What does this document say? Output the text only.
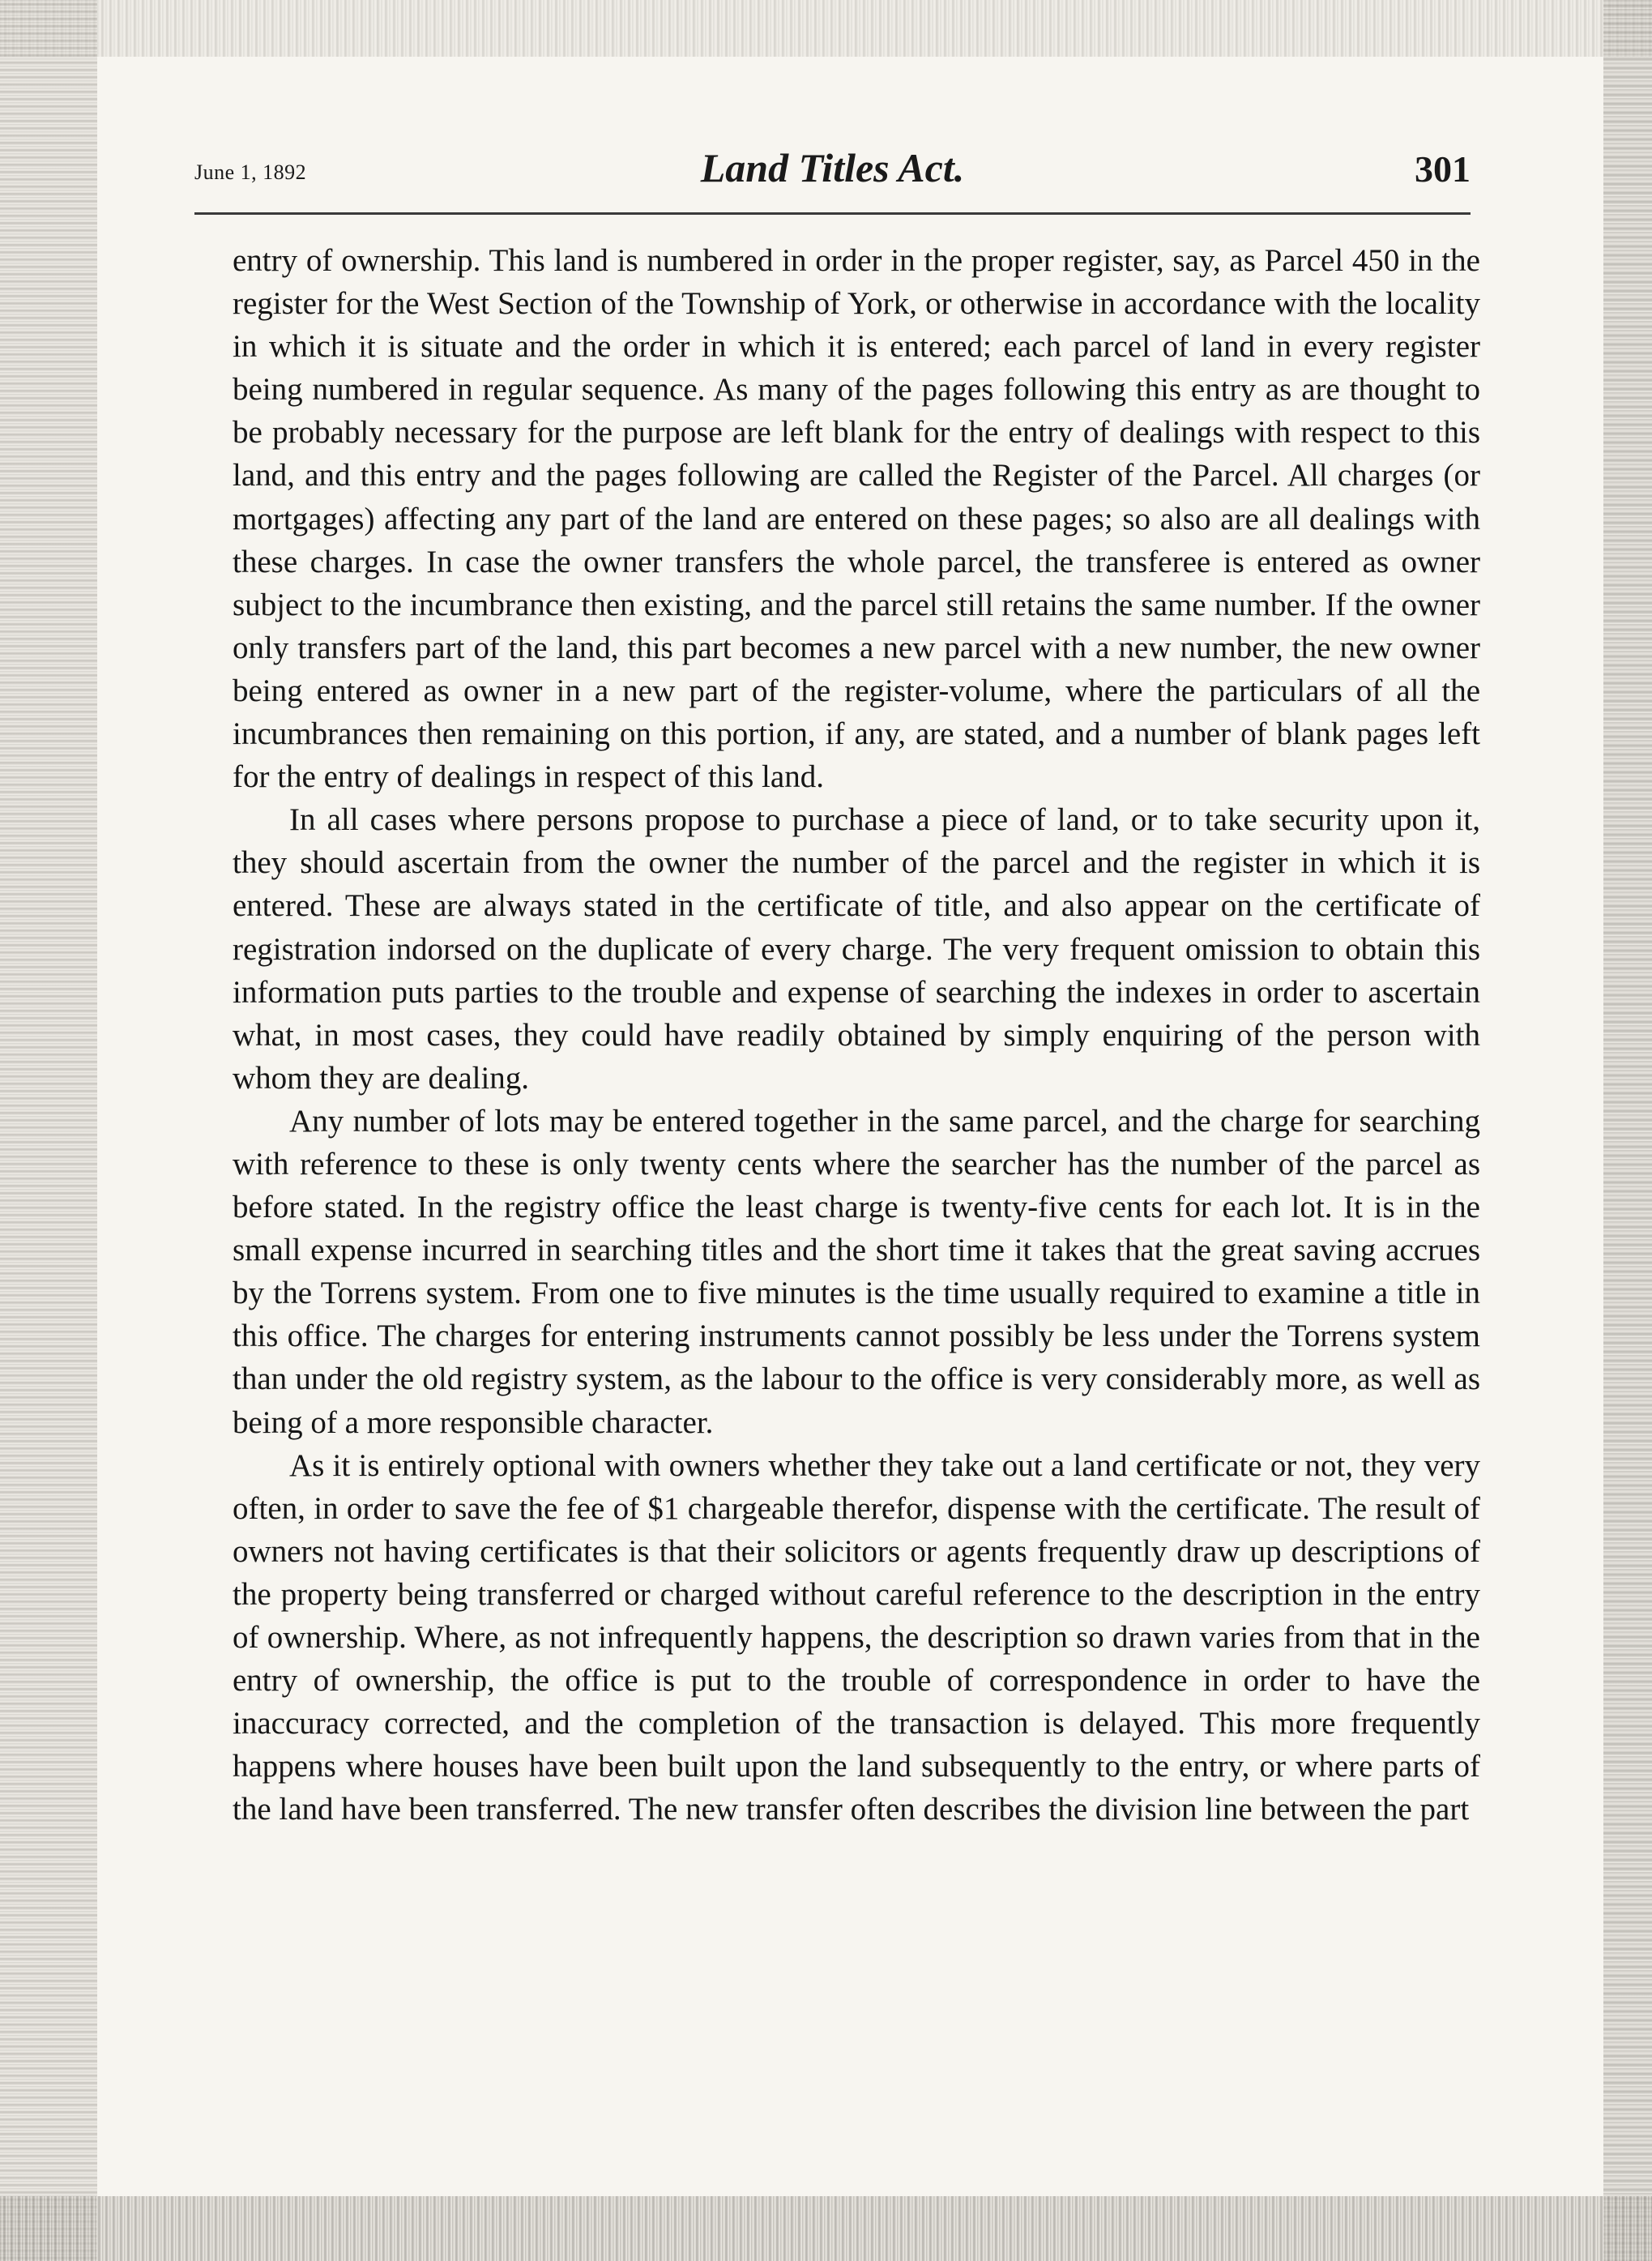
June 1, 1892	Land Titles Act.	301

entry of ownership. This land is numbered in order in the proper register, say, as Parcel 450 in the register for the West Section of the Township of York, or otherwise in accordance with the locality in which it is situate and the order in which it is entered; each parcel of land in every register being numbered in regular sequence. As many of the pages following this entry as are thought to be probably necessary for the purpose are left blank for the entry of dealings with respect to this land, and this entry and the pages following are called the Register of the Parcel. All charges (or mortgages) affecting any part of the land are entered on these pages; so also are all dealings with these charges. In case the owner transfers the whole parcel, the transferee is entered as owner subject to the incumbrance then existing, and the parcel still retains the same number. If the owner only transfers part of the land, this part becomes a new parcel with a new number, the new owner being entered as owner in a new part of the register-volume, where the particulars of all the incumbrances then remaining on this portion, if any, are stated, and a number of blank pages left for the entry of dealings in respect of this land.

In all cases where persons propose to purchase a piece of land, or to take security upon it, they should ascertain from the owner the number of the parcel and the register in which it is entered. These are always stated in the certificate of title, and also appear on the certificate of registration indorsed on the duplicate of every charge. The very frequent omission to obtain this information puts parties to the trouble and expense of searching the indexes in order to ascertain what, in most cases, they could have readily obtained by simply enquiring of the person with whom they are dealing.

Any number of lots may be entered together in the same parcel, and the charge for searching with reference to these is only twenty cents where the searcher has the number of the parcel as before stated. In the registry office the least charge is twenty-five cents for each lot. It is in the small expense incurred in searching titles and the short time it takes that the great saving accrues by the Torrens system. From one to five minutes is the time usually required to examine a title in this office. The charges for entering instruments cannot possibly be less under the Torrens system than under the old registry system, as the labour to the office is very considerably more, as well as being of a more responsible character.

As it is entirely optional with owners whether they take out a land certificate or not, they very often, in order to save the fee of $1 chargeable therefor, dispense with the certificate. The result of owners not having certificates is that their solicitors or agents frequently draw up descriptions of the property being transferred or charged without careful reference to the description in the entry of ownership. Where, as not infrequently happens, the description so drawn varies from that in the entry of ownership, the office is put to the trouble of correspondence in order to have the inaccuracy corrected, and the completion of the transaction is delayed. This more frequently happens where houses have been built upon the land subsequently to the entry, or where parts of the land have been transferred. The new transfer often describes the division line between the part
